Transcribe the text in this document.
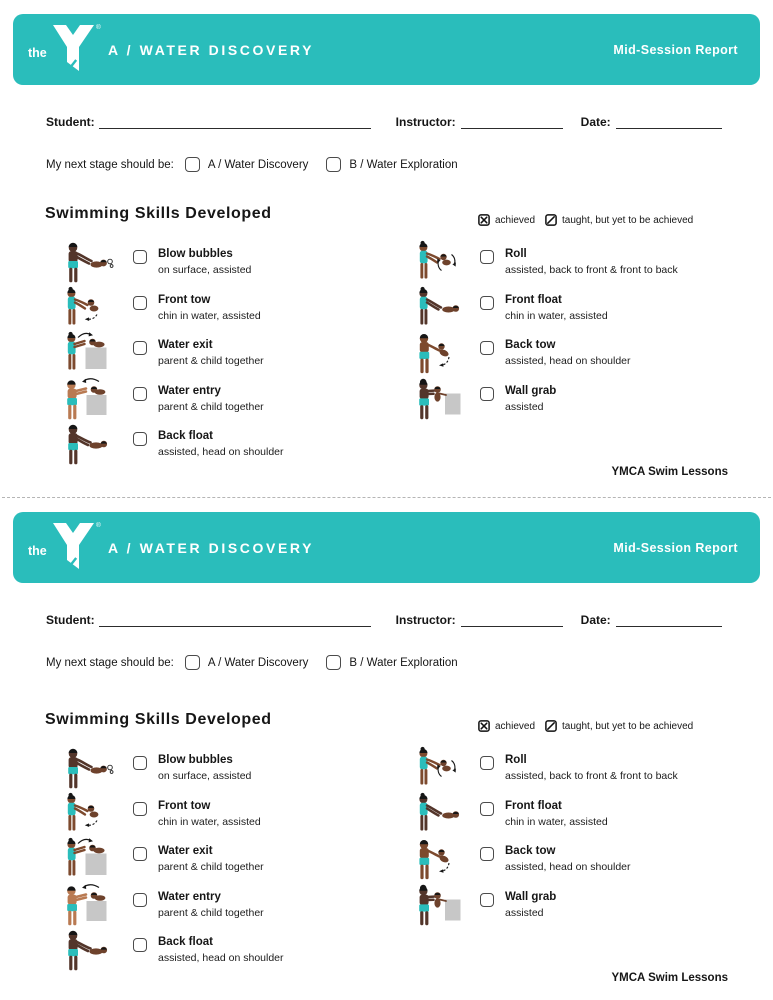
the
®
A / WATER DISCOVERY	Mid-Session Report
Student:	Instructor:	Date:
My next stage should be:	A / Water Discovery	B / Water Exploration
Swimming Skills Developed	achieved	taught, but yet to be achieved
Blow bubbles
on surface, assisted
Front tow
chin in water, assisted
Water exit
parent & child together
Water entry
parent & child together
Back float
assisted, head on shoulder
Roll
assisted, back to front & front to back
Front float
chin in water, assisted
Back tow
assisted, head on shoulder
Wall grab
assisted
YMCA Swim Lessons
the
®
A / WATER DISCOVERY	Mid-Session Report
Student:	Instructor:	Date:
My next stage should be:	A / Water Discovery	B / Water Exploration
Swimming Skills Developed	achieved	taught, but yet to be achieved
Blow bubbles
on surface, assisted
Front tow
chin in water, assisted
Water exit
parent & child together
Water entry
parent & child together
Back float
assisted, head on shoulder
Roll
assisted, back to front & front to back
Front float
chin in water, assisted
Back tow
assisted, head on shoulder
Wall grab
assisted
YMCA Swim Lessons
